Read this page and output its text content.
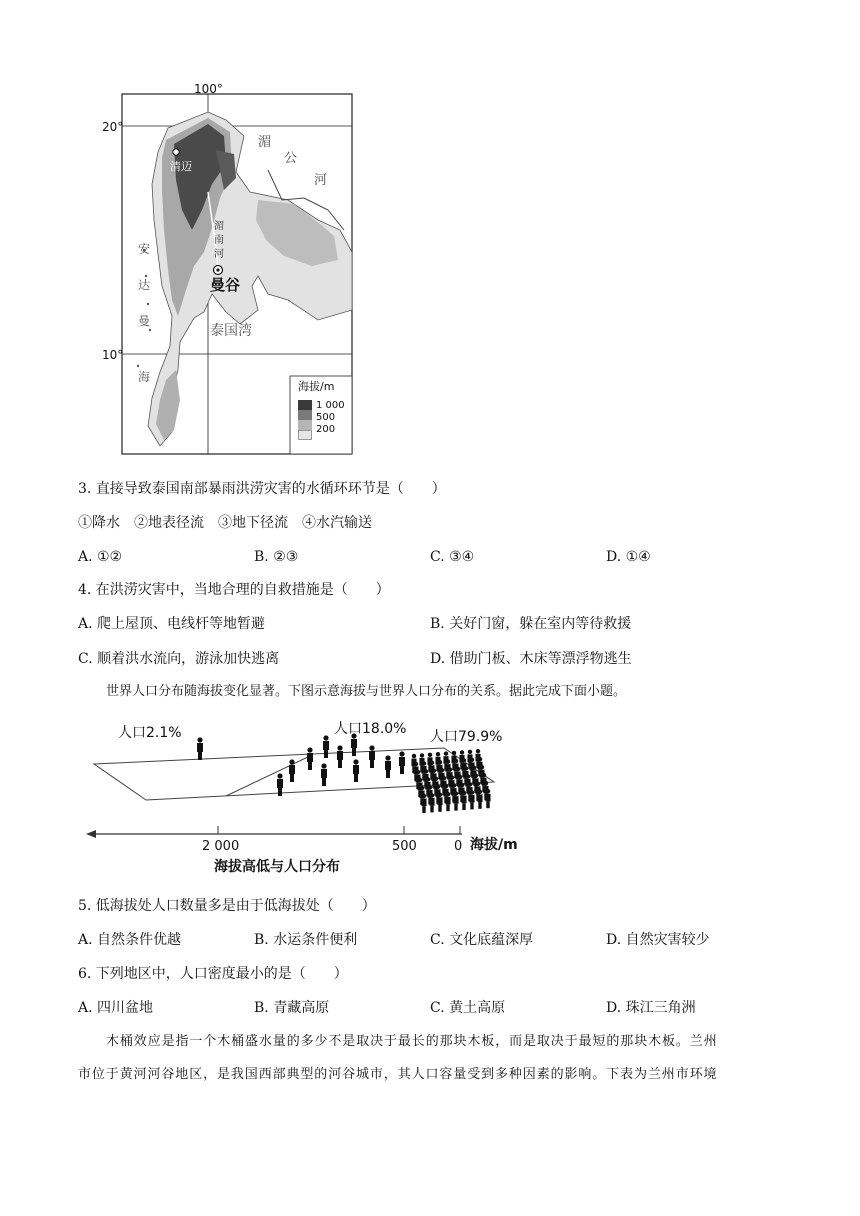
100°
20°
10°
清迈
曼谷
湄
公
河
湄
南
河
安
达
曼
海
泰国湾
海拔/m
1 000
500
200
3. 直接导致泰国南部暴雨洪涝灾害的水循环环节是（　　）
①降水　②地表径流　③地下径流　④水汽输送
A. ①②	B. ②③	C. ③④	D. ①④
4. 在洪涝灾害中，当地合理的自救措施是（　　）
A. 爬上屋顶、电线杆等地暂避	B. 关好门窗，躲在室内等待救援
C. 顺着洪水流向，游泳加快逃离	D. 借助门板、木床等漂浮物逃生
世界人口分布随海拔变化显著。下图示意海拔与世界人口分布的关系。据此完成下面小题。
人口2.1%	人口18.0% 人口79.9%
2 000	500	0 海拔/m
海拔高低与人口分布
5. 低海拔处人口数量多是由于低海拔处（　　）
A. 自然条件优越	B. 水运条件便利	C. 文化底蕴深厚	D. 自然灾害较少
6. 下列地区中，人口密度最小的是（　　）
A. 四川盆地	B. 青藏高原	C. 黄土高原	D. 珠江三角洲
木桶效应是指一个木桶盛水量的多少不是取决于最长的那块木板，而是取决于最短的那块木板。兰州
市位于黄河河谷地区，是我国西部典型的河谷城市，其人口容量受到多种因素的影响。下表为兰州市环境
